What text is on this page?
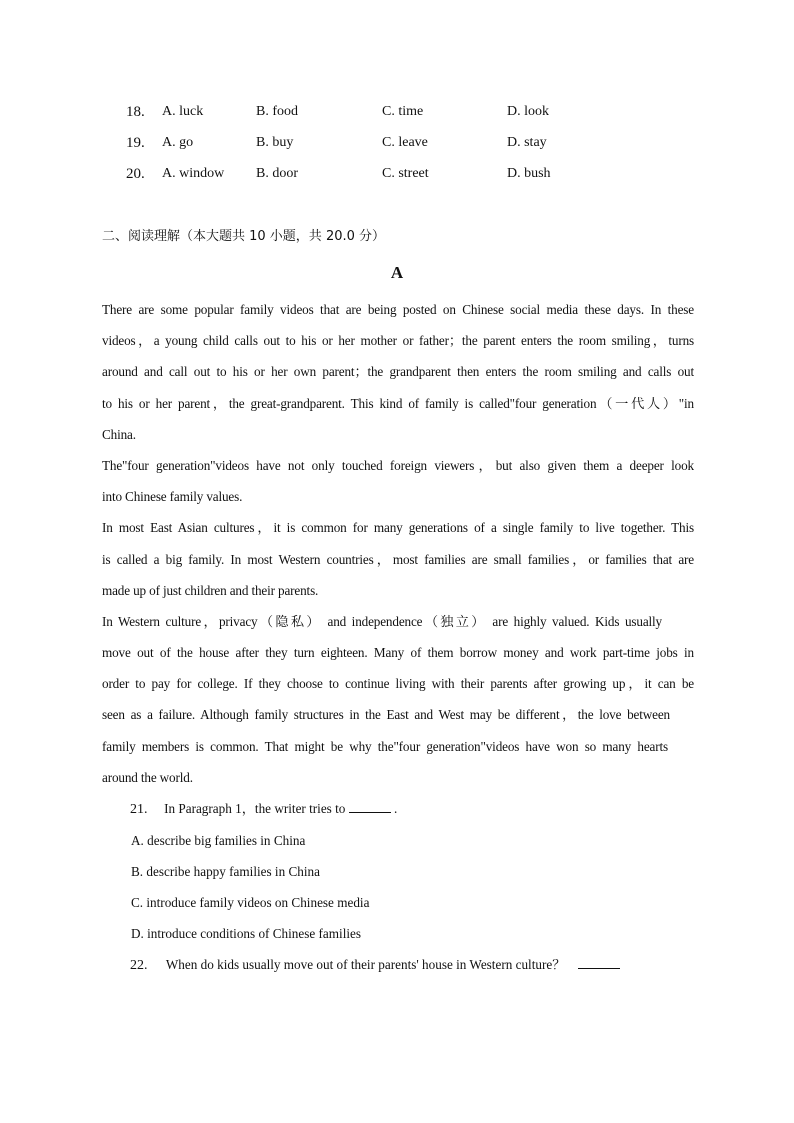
18. A. luck	B. food	C. time	D. look
19. A. go	B. buy	C. leave	D. stay
20. A. window B. door	C. street	D. bush
二、阅读理解（本大题共 10 小题，共 20.0 分）
A
There are some popular family videos that are being posted on Chinese social media these days. In these
videos，a young child calls out to his or her mother or father；the parent enters the room smiling，turns
around and call out to his or her own parent；the grandparent then enters the room smiling and calls out
to his or her parent，the great-grandparent. This kind of family is called"four generation（一代人）"in
China.
The"four generation"videos have not only touched foreign viewers，but also given them a deeper look
into Chinese family values.
In most East Asian cultures，it is common for many generations of a single family to live together. This
is called a big family. In most Western countries，most families are small families，or families that are
made up of just children and their parents.
In Western culture，privacy（隐私） and independence（独立） are highly valued. Kids usually
move out of the house after they turn eighteen. Many of them borrow money and work part-time jobs in
order to pay for college. If they choose to continue living with their parents after growing up，it can be
seen as a failure. Although family structures in the East and West may be different，the love between
family members is common. That might be why the"four generation"videos have won so many hearts
around the world.
21. In Paragraph 1，the writer tries to	.
A. describe big families in China
B. describe happy families in China
C. introduce family videos on Chinese media
D. introduce conditions of Chinese families
22. When do kids usually move out of their parents' house in Western culture？
